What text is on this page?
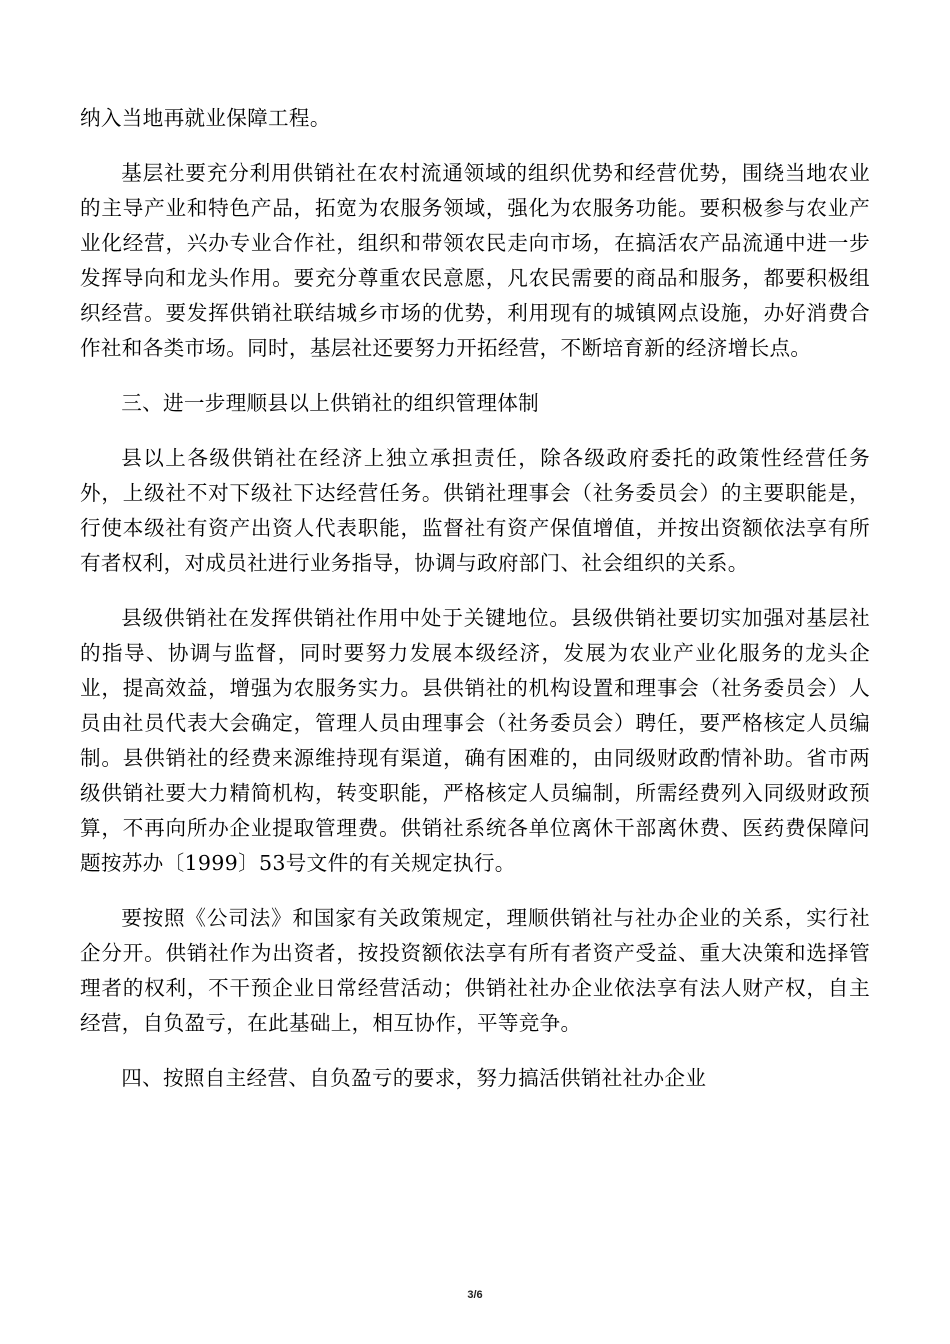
纳入当地再就业保障工程。

基层社要充分利用供销社在农村流通领域的组织优势和经营优势，围绕当地农业的主导产业和特色产品，拓宽为农服务领域，强化为农服务功能。要积极参与农业产业化经营，兴办专业合作社，组织和带领农民走向市场，在搞活农产品流通中进一步发挥导向和龙头作用。要充分尊重农民意愿，凡农民需要的商品和服务，都要积极组织经营。要发挥供销社联结城乡市场的优势，利用现有的城镇网点设施，办好消费合作社和各类市场。同时，基层社还要努力开拓经营，不断培育新的经济增长点。

三、进一步理顺县以上供销社的组织管理体制

县以上各级供销社在经济上独立承担责任，除各级政府委托的政策性经营任务外，上级社不对下级社下达经营任务。供销社理事会（社务委员会）的主要职能是，行使本级社有资产出资人代表职能，监督社有资产保值增值，并按出资额依法享有所有者权利，对成员社进行业务指导，协调与政府部门、社会组织的关系。

县级供销社在发挥供销社作用中处于关键地位。县级供销社要切实加强对基层社的指导、协调与监督，同时要努力发展本级经济，发展为农业产业化服务的龙头企业，提高效益，增强为农服务实力。县供销社的机构设置和理事会（社务委员会）人员由社员代表大会确定，管理人员由理事会（社务委员会）聘任，要严格核定人员编制。县供销社的经费来源维持现有渠道，确有困难的，由同级财政酌情补助。省市两级供销社要大力精简机构，转变职能，严格核定人员编制，所需经费列入同级财政预算，不再向所办企业提取管理费。供销社系统各单位离休干部离休费、医药费保障问题按苏办〔1999〕53号文件的有关规定执行。

要按照《公司法》和国家有关政策规定，理顺供销社与社办企业的关系，实行社企分开。供销社作为出资者，按投资额依法享有所有者资产受益、重大决策和选择管理者的权利，不干预企业日常经营活动；供销社社办企业依法享有法人财产权，自主经营，自负盈亏，在此基础上，相互协作，平等竞争。

四、按照自主经营、自负盈亏的要求，努力搞活供销社社办企业

3/6
